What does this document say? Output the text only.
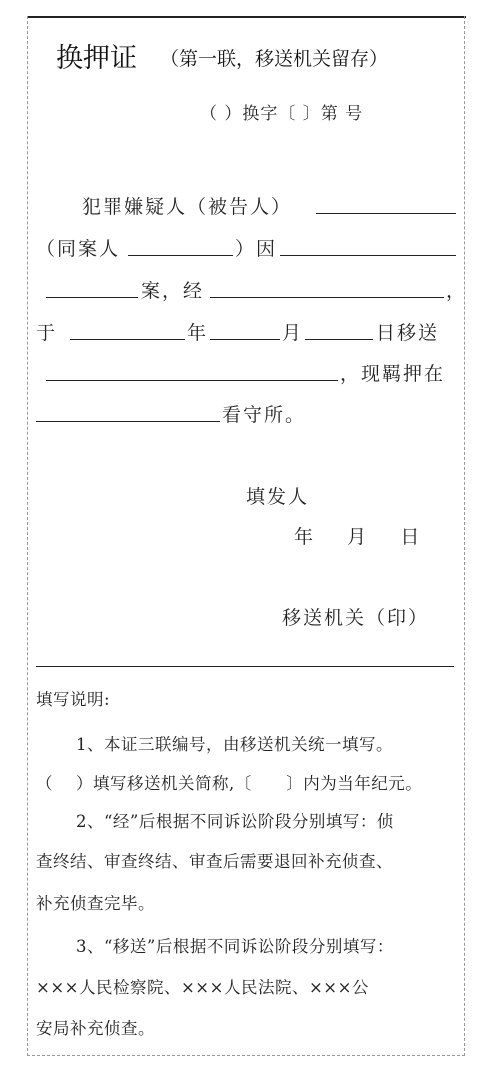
换押证 （第一联，移送机关留存）
（ ）换字〔 〕第 号
犯罪嫌疑人（被告人）
（同案人	）因
案，经	，
于	年	月	日移送
，现羁押在
看守所。
填发人
年    月    日
移送机关（印）
填写说明:
1、本证三联编号，由移送机关统一填写。
（    ）填写移送机关简称,〔      〕内为当年纪元。
2、“经”后根据不同诉讼阶段分别填写：侦
查终结、审查终结、审查后需要退回补充侦查、
补充侦查完毕。
3、“移送”后根据不同诉讼阶段分别填写：
×××人民检察院、×××人民法院、×××公
安局补充侦查。
